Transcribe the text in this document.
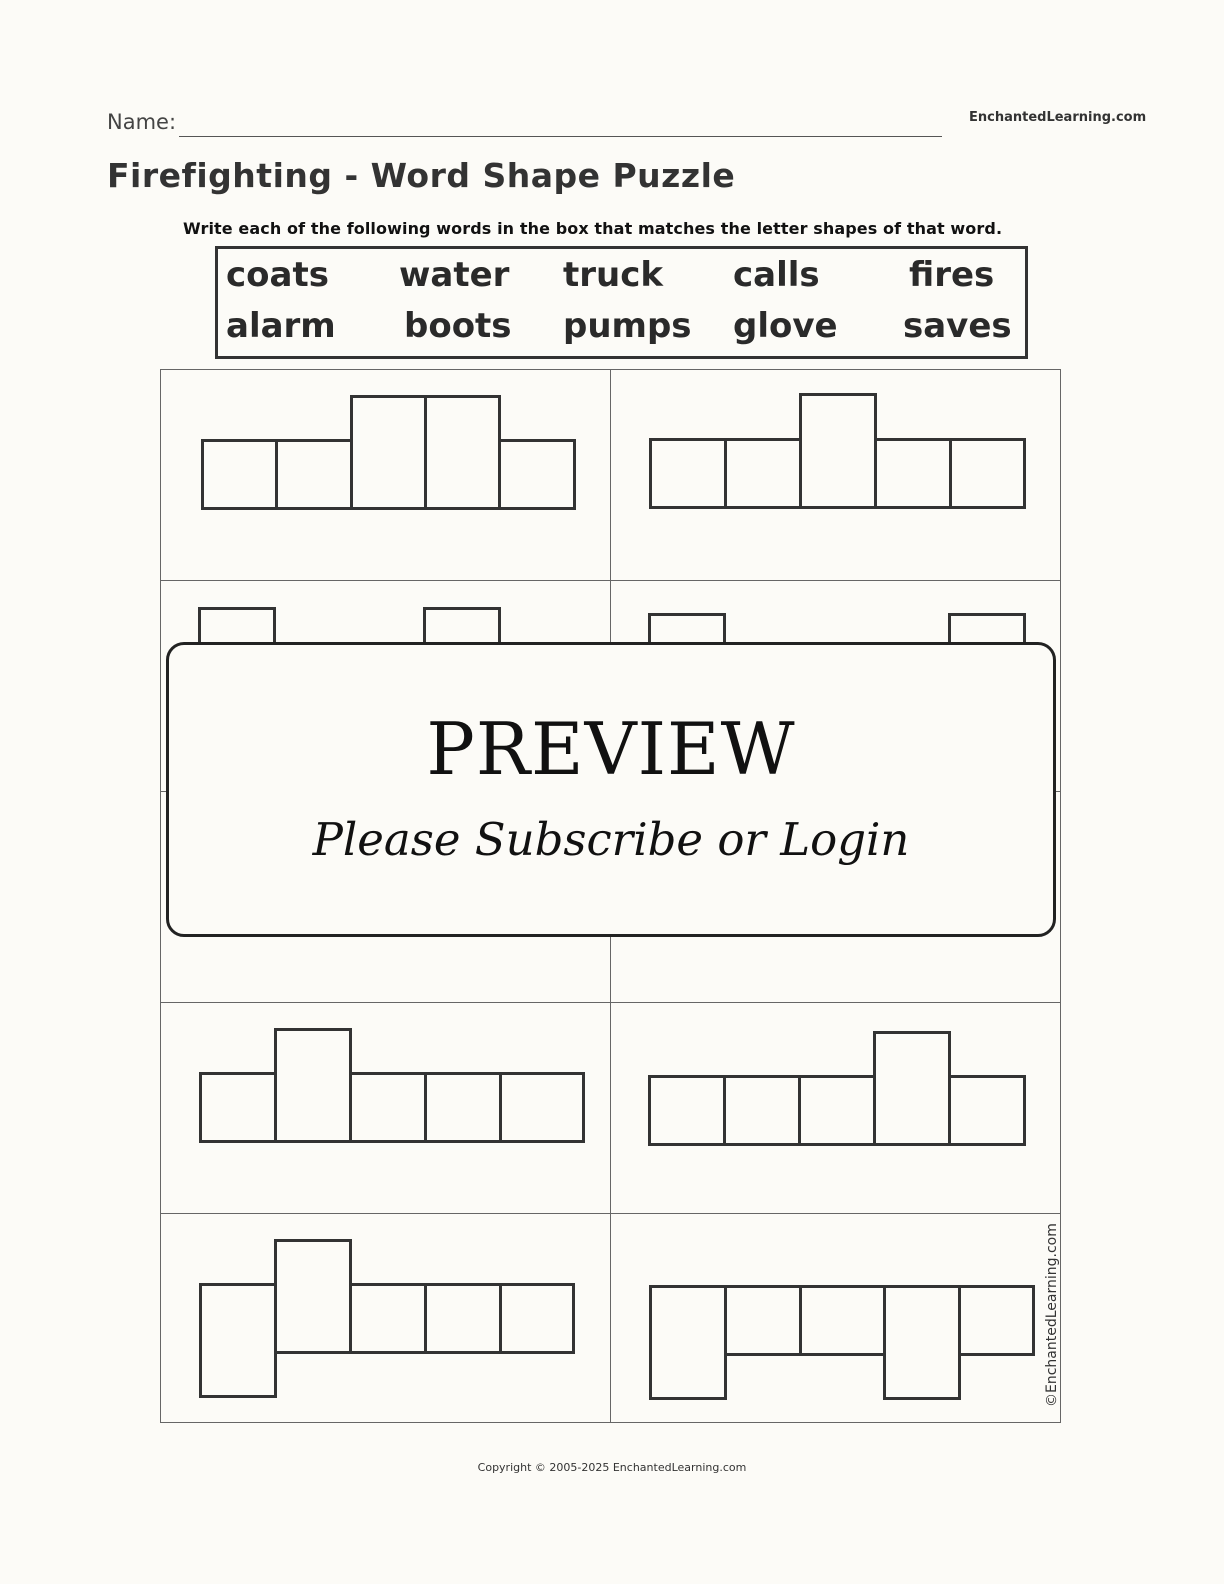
Name:	EnchantedLearning.com
Firefighting - Word Shape Puzzle
Write each of the following words in the box that matches the letter shapes of that word.
coats water truck calls	fires
alarm boots pumps glove saves
PREVIEW
Please Subscribe or Login
©EnchantedLearning.com
Copyright © 2005-2025 EnchantedLearning.com
